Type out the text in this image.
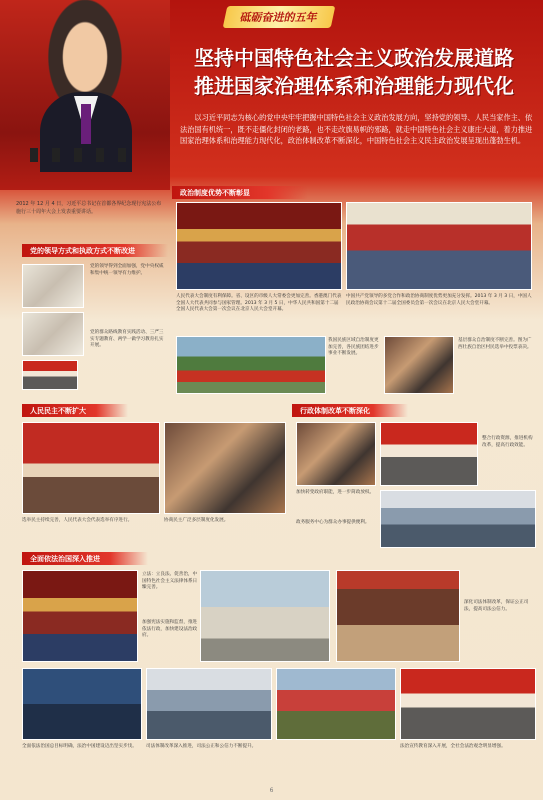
砥砺奋进的五年
坚持中国特色社会主义政治发展道路
推进国家治理体系和治理能力现代化
以习近平同志为核心的党中央牢牢把握中国特色社会主义政治发展方向，坚持党的领导、人民当家作主、依法治国有机统一，既不走僵化封闭的老路，也不走改旗易帜的邪路，就走中国特色社会主义康庄大道，着力推进国家治理体系和治理能力现代化，政治体制改革不断深化，中国特色社会主义民主政治发展呈现出蓬勃生机。
2012 年 12 月 4 日，习近平总书记在首都各界纪念现行宪法公布施行三十周年大会上发表重要讲话。
政治制度优势不断彰显
人民代表大会制度有利保障。省、设区的市级人大常委会更加完善。香港澳门代表全国人大代表共同参与国家管理。2013 年 3 月 5 日，中华人民共和国第十二届全国人民代表大会第一次会议在北京人民大会堂开幕。
中国共产党领导的多党合作和政治协商制度优势更加充分发挥。2013 年 3 月 3 日，中国人民政治协商会议第十二届全国委员会第一次会议在北京人民大会堂开幕。
我国民族区域自治制度更加完善，各民族团结进步事业不断发展。
基层群众自治制度不断完善。图为广西壮族自治区村民选举中投票表决。
党的领导方式和执政方式不断改进
党的领导得到全面加强，党中央权威和集中统一领导有力维护。
党的群众路线教育实践活动、三严三实专题教育、两学一做学习教育扎实开展。
人民民主不断扩大
选举民主持续完善，人民代表大会代表选举有序进行。	协商民主广泛多层制度化发展。
行政体制改革不断深化
整合行政资源，推进机构改革，提高行政效能。
加快转变政府职能，进一步简政放权。
政务服务中心为群众办事提供便利。
全面依法治国深入推进
立法：立良法、促善治，中国特色社会主义法律体系日臻完善。
加强宪法实施和监督，推进依法行政，加快建设法治政府。
深化司法体制改革，保证公正司法，提高司法公信力。
全面依法治国总目标明确，法治中国建设迈出坚实步伐。	司法体制改革深入推进，司法公正和公信力不断提升。	法治宣传教育深入开展，全社会法治观念明显增强。
6
